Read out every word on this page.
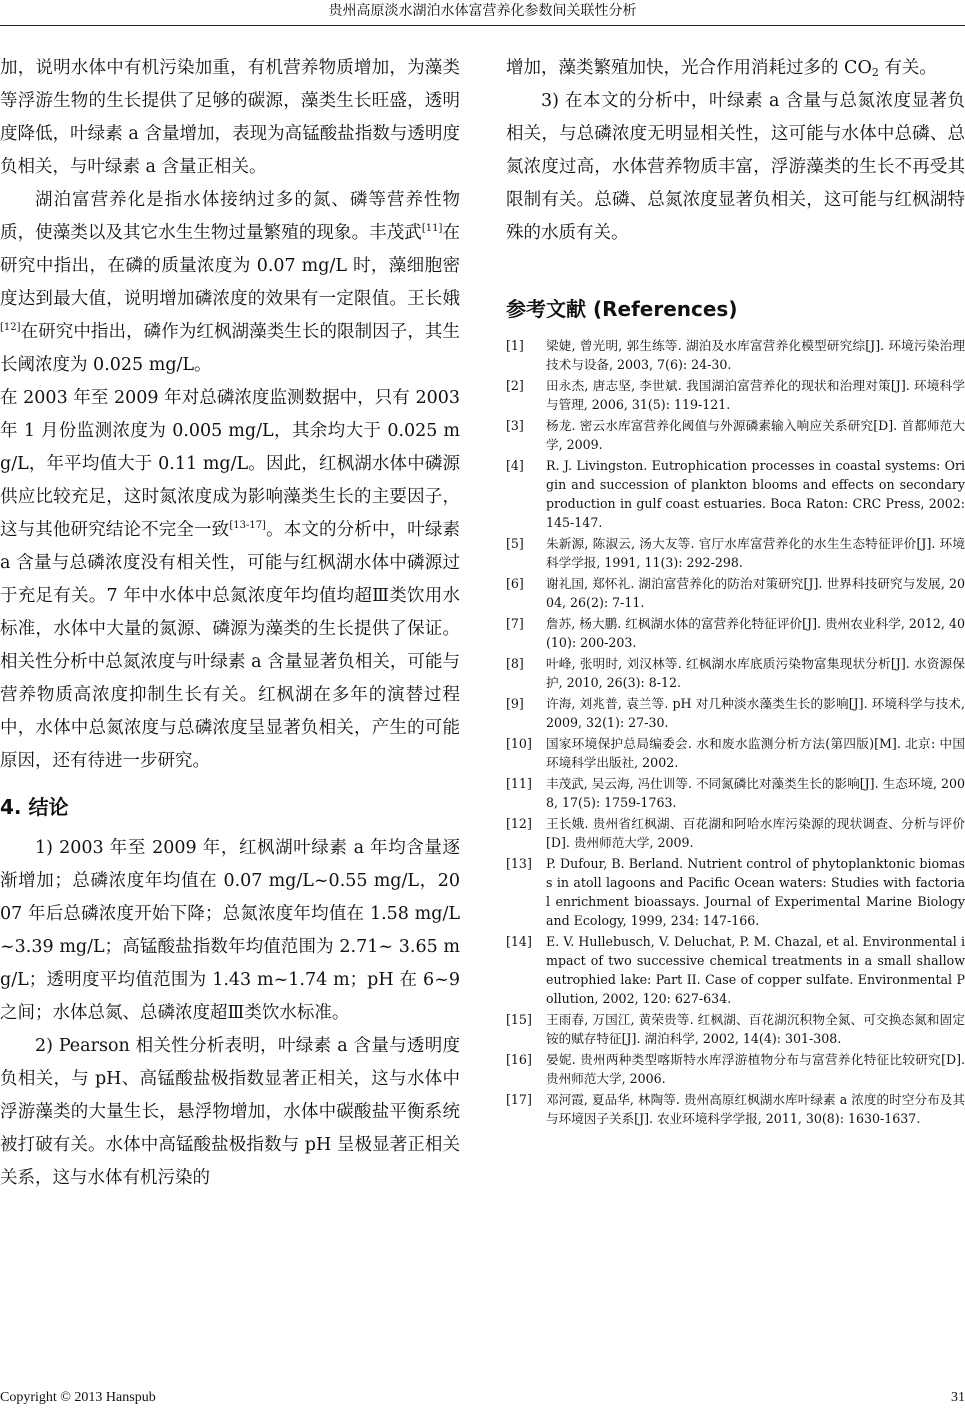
贵州高原淡水湖泊水体富营养化参数间关联性分析

加，说明水体中有机污染加重，有机营养物质增加，为藻类等浮游生物的生长提供了足够的碳源，藻类生长旺盛，透明度降低，叶绿素 a 含量增加，表现为高锰酸盐指数与透明度负相关，与叶绿素 a 含量正相关。

湖泊富营养化是指水体接纳过多的氮、磷等营养性物质，使藻类以及其它水生生物过量繁殖的现象。丰茂武[11]在研究中指出，在磷的质量浓度为 0.07 mg/L 时，藻细胞密度达到最大值，说明增加磷浓度的效果有一定限值。王长娥[12]在研究中指出，磷作为红枫湖藻类生长的限制因子，其生长阈浓度为 0.025 mg/L。

在 2003 年至 2009 年对总磷浓度监测数据中，只有 2003 年 1 月份监测浓度为 0.005 mg/L，其余均大于 0.025 mg/L，年平均值大于 0.11 mg/L。因此，红枫湖水体中磷源供应比较充足，这时氮浓度成为影响藻类生长的主要因子，这与其他研究结论不完全一致[13-17]。本文的分析中，叶绿素 a 含量与总磷浓度没有相关性，可能与红枫湖水体中磷源过于充足有关。7 年中水体中总氮浓度年均值均超Ⅲ类饮用水标准，水体中大量的氮源、磷源为藻类的生长提供了保证。相关性分析中总氮浓度与叶绿素 a 含量显著负相关，可能与营养物质高浓度抑制生长有关。红枫湖在多年的演替过程中，水体中总氮浓度与总磷浓度呈显著负相关，产生的可能原因，还有待进一步研究。

4. 结论

1) 2003 年至 2009 年，红枫湖叶绿素 a 年均含量逐渐增加；总磷浓度年均值在 0.07 mg/L~0.55 mg/L，2007 年后总磷浓度开始下降；总氮浓度年均值在 1.58 mg/L~3.39 mg/L；高锰酸盐指数年均值范围为 2.71~ 3.65 mg/L；透明度平均值范围为 1.43 m~1.74 m；pH 在 6~9 之间；水体总氮、总磷浓度超Ⅲ类饮水标准。

2) Pearson 相关性分析表明，叶绿素 a 含量与透明度负相关，与 pH、高锰酸盐极指数显著正相关，这与水体中浮游藻类的大量生长，悬浮物增加，水体中碳酸盐平衡系统被打破有关。水体中高锰酸盐极指数与 pH 呈极显著正相关关系，这与水体有机污染的

增加，藻类繁殖加快，光合作用消耗过多的 $CO_2$ 有关。

3) 在本文的分析中，叶绿素 a 含量与总氮浓度显著负相关，与总磷浓度无明显相关性，这可能与水体中总磷、总氮浓度过高，水体营养物质丰富，浮游藻类的生长不再受其限制有关。总磷、总氮浓度显著负相关，这可能与红枫湖特殊的水质有关。

参考文献 (References)
[1]	梁婕, 曾光明, 郭生练等. 湖泊及水库富营养化模型研究综[J]. 环境污染治理技术与设备, 2003, 7(6): 24-30.
[2]	田永杰, 唐志坚, 李世斌. 我国湖泊富营养化的现状和治理对策[J]. 环境科学与管理, 2006, 31(5): 119-121.
[3]	杨龙. 密云水库富营养化阈值与外源磷素输入响应关系研究[D]. 首都师范大学, 2009.
[4]	R. J. Livingston. Eutrophication processes in coastal systems: Origin and succession of plankton blooms and effects on secondary production in gulf coast estuaries. Boca Raton: CRC Press, 2002: 145-147.
[5]	朱新源, 陈淑云, 汤大友等. 官厅水库富营养化的水生生态特征评价[J]. 环境科学学报, 1991, 11(3): 292-298.
[6]	谢礼国, 郑怀礼. 湖泊富营养化的防治对策研究[J]. 世界科技研究与发展, 2004, 26(2): 7-11.
[7]	詹苏, 杨大鹏. 红枫湖水体的富营养化特征评价[J]. 贵州农业科学, 2012, 40(10): 200-203.
[8]	叶峰, 张明时, 刘汉林等. 红枫湖水库底质污染物富集现状分析[J]. 水资源保护, 2010, 26(3): 8-12.
[9]	许海, 刘兆普, 袁兰等. pH 对几种淡水藻类生长的影响[J]. 环境科学与技术, 2009, 32(1): 27-30.
[10]	国家环境保护总局编委会. 水和废水监测分析方法(第四版)[M]. 北京: 中国环境科学出版社, 2002.
[11]	丰茂武, 吴云海, 冯仕训等. 不同氮磷比对藻类生长的影响[J]. 生态环境, 2008, 17(5): 1759-1763.
[12]	王长娥. 贵州省红枫湖、百花湖和阿哈水库污染源的现状调查、分析与评价[D]. 贵州师范大学, 2009.
[13]	P. Dufour, B. Berland. Nutrient control of phytoplanktonic biomass in atoll lagoons and Pacific Ocean waters: Studies with factorial enrichment bioassays. Journal of Experimental Marine Biology and Ecology, 1999, 234: 147-166.
[14]	E. V. Hullebusch, V. Deluchat, P. M. Chazal, et al. Environmental impact of two successive chemical treatments in a small shallow eutrophied lake: Part II. Case of copper sulfate. Environmental Pollution, 2002, 120: 627-634.
[15]	王雨春, 万国江, 黄荣贵等. 红枫湖、百花湖沉积物全氮、可交换态氮和固定铵的赋存特征[J]. 湖泊科学, 2002, 14(4): 301-308.
[16]	晏妮. 贵州两种类型喀斯特水库浮游植物分布与富营养化特征比较研究[D]. 贵州师范大学, 2006.
[17]	邓河霞, 夏品华, 林陶等. 贵州高原红枫湖水库叶绿素 a 浓度的时空分布及其与环境因子关系[J]. 农业环境科学学报, 2011, 30(8): 1630-1637.
Copyright © 2013 Hanspub	31
